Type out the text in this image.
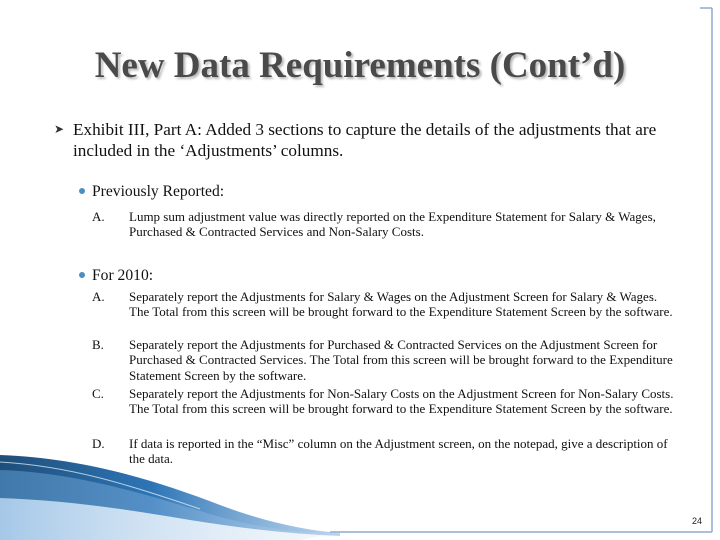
New Data Requirements (Cont’d)
➤ Exhibit III, Part A: Added 3 sections to capture the details of the adjustments that are included in the ‘Adjustments’ columns.
Previously Reported:
A. Lump sum adjustment value was directly reported on the Expenditure Statement for Salary & Wages, Purchased & Contracted Services and Non-Salary Costs.
For 2010:
A. Separately report the Adjustments for Salary & Wages on the Adjustment Screen for Salary & Wages. The Total from this screen will be brought forward to the Expenditure Statement Screen by the software.
B. Separately report the Adjustments for Purchased & Contracted Services on the Adjustment Screen for Purchased & Contracted Services. The Total from this screen will be brought forward to the Expenditure Statement Screen by the software.
C. Separately report the Adjustments for Non-Salary Costs on the Adjustment Screen for Non-Salary Costs. The Total from this screen will be brought forward to the Expenditure Statement Screen by the software.
D. If data is reported in the “Misc” column on the Adjustment screen, on the notepad, give a description of the data.
24
